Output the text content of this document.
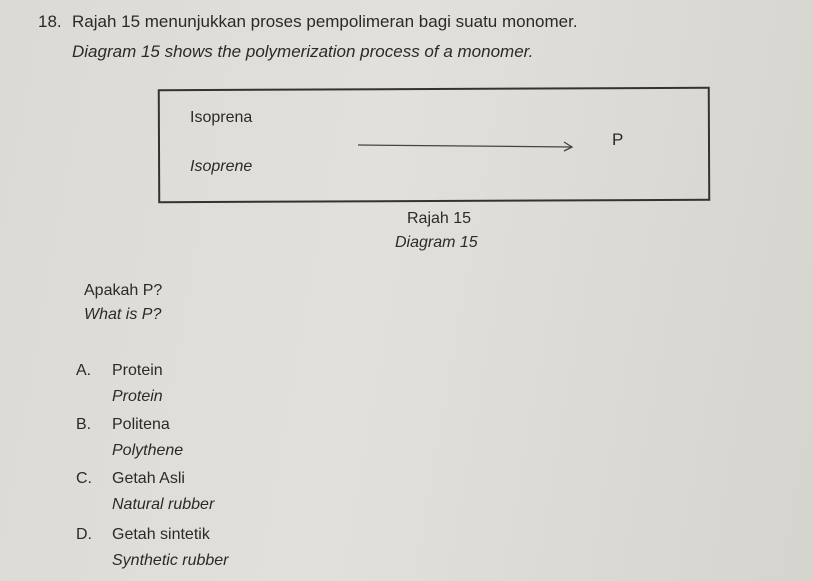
18. Rajah 15 menunjukkan proses pempolimeran bagi suatu monomer.
Diagram 15 shows the polymerization process of a monomer.
Isoprena
Isoprene
P
Rajah 15
Diagram 15
Apakah P?
What is P?
A. Protein
Protein
B. Politena
Polythene
C. Getah Asli
Natural rubber
D. Getah sintetik
Synthetic rubber
